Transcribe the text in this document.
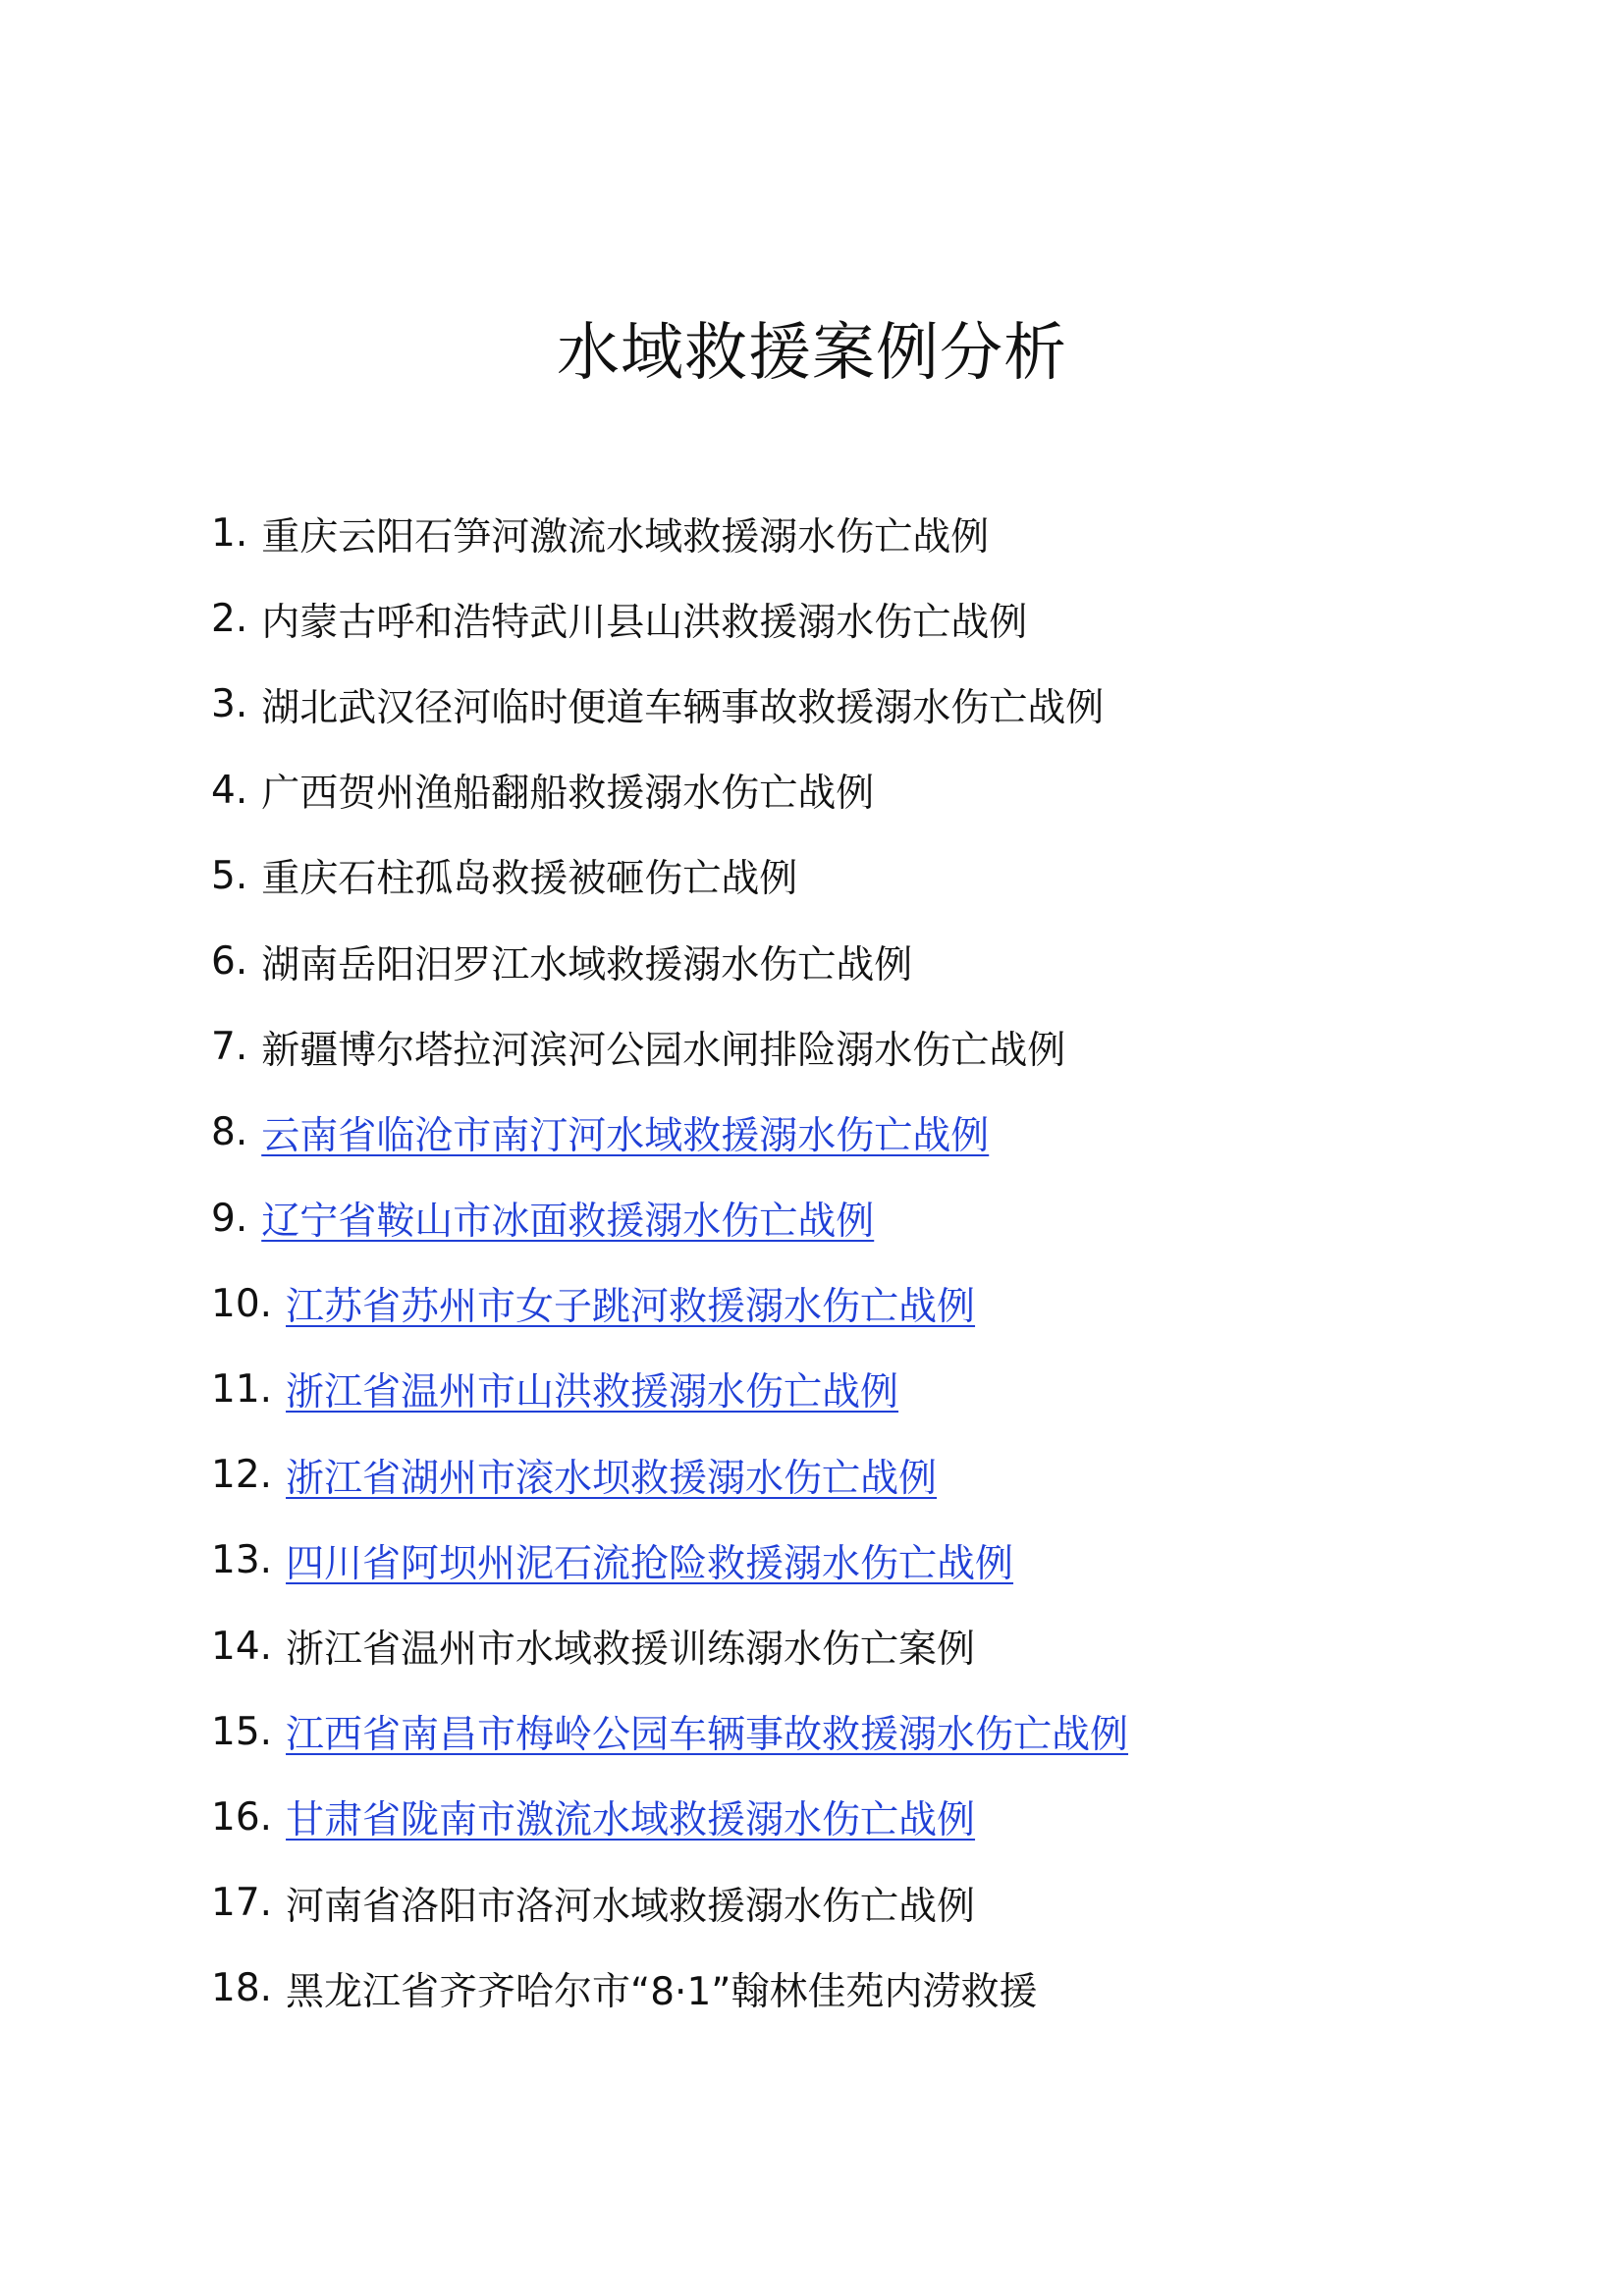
水域救援案例分析
1. 重庆云阳石笋河激流水域救援溺水伤亡战例
2. 内蒙古呼和浩特武川县山洪救援溺水伤亡战例
3. 湖北武汉径河临时便道车辆事故救援溺水伤亡战例
4. 广西贺州渔船翻船救援溺水伤亡战例
5. 重庆石柱孤岛救援被砸伤亡战例
6. 湖南岳阳汨罗江水域救援溺水伤亡战例
7. 新疆博尔塔拉河滨河公园水闸排险溺水伤亡战例
8. 云南省临沧市南汀河水域救援溺水伤亡战例
9. 辽宁省鞍山市冰面救援溺水伤亡战例
10. 江苏省苏州市女子跳河救援溺水伤亡战例
11. 浙江省温州市山洪救援溺水伤亡战例
12. 浙江省湖州市滚水坝救援溺水伤亡战例
13. 四川省阿坝州泥石流抢险救援溺水伤亡战例
14. 浙江省温州市水域救援训练溺水伤亡案例
15. 江西省南昌市梅岭公园车辆事故救援溺水伤亡战例
16. 甘肃省陇南市激流水域救援溺水伤亡战例
17. 河南省洛阳市洛河水域救援溺水伤亡战例
18. 黑龙江省齐齐哈尔市“8·1”翰林佳苑内涝救援
